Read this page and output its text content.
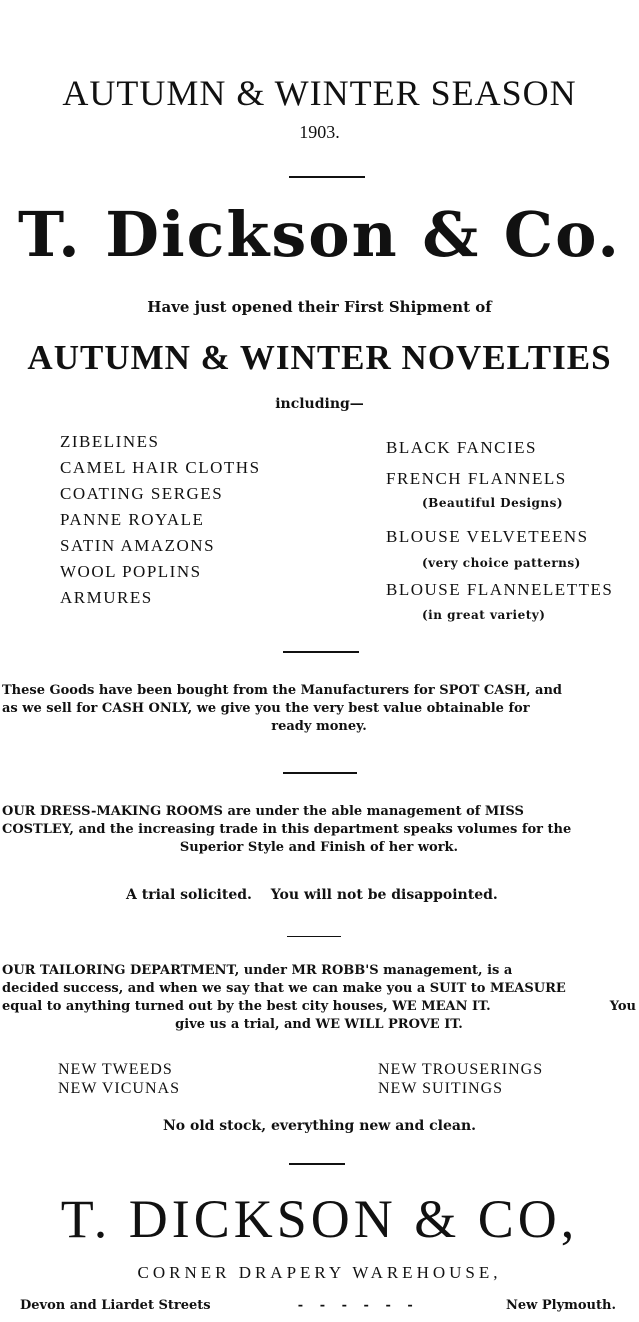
AUTUMN & WINTER SEASON
1903.
T. Dickson & Co.
Have just opened their First Shipment of
AUTUMN & WINTER NOVELTIES
including—
ZIBELINES
CAMEL HAIR CLOTHS
COATING SERGES
PANNE ROYALE
SATIN AMAZONS
WOOL POPLINS
ARMURES
BLACK FANCIES
FRENCH FLANNELS
(Beautiful Designs)
BLOUSE VELVETEENS
(very choice patterns)
BLOUSE FLANNELETTES
(in great variety)
These Goods have been bought from the Manufacturers for SPOT CASH, and
as we sell for CASH ONLY, we give you the very best value obtainable for
ready money.
OUR DRESS-MAKING ROOMS are under the able management of MISS
COSTLEY, and the increasing trade in this department speaks volumes for the
Superior Style and Finish of her work.
A trial solicited. You will not be disappointed.
OUR TAILORING DEPARTMENT, under MR ROBB'S management, is a
decided success, and when we say that we can make you a SUIT to MEASURE
equal to anything turned out by the best city houses, WE MEAN IT.	You
give us a trial, and WE WILL PROVE IT.
NEW TWEEDS
NEW VICUNAS
NEW TROUSERINGS
NEW SUITINGS
No old stock, everything new and clean.
T. DICKSON & CO,
CORNER DRAPERY WAREHOUSE,
Devon and Liardet Streets	- - - - - -	New Plymouth.
